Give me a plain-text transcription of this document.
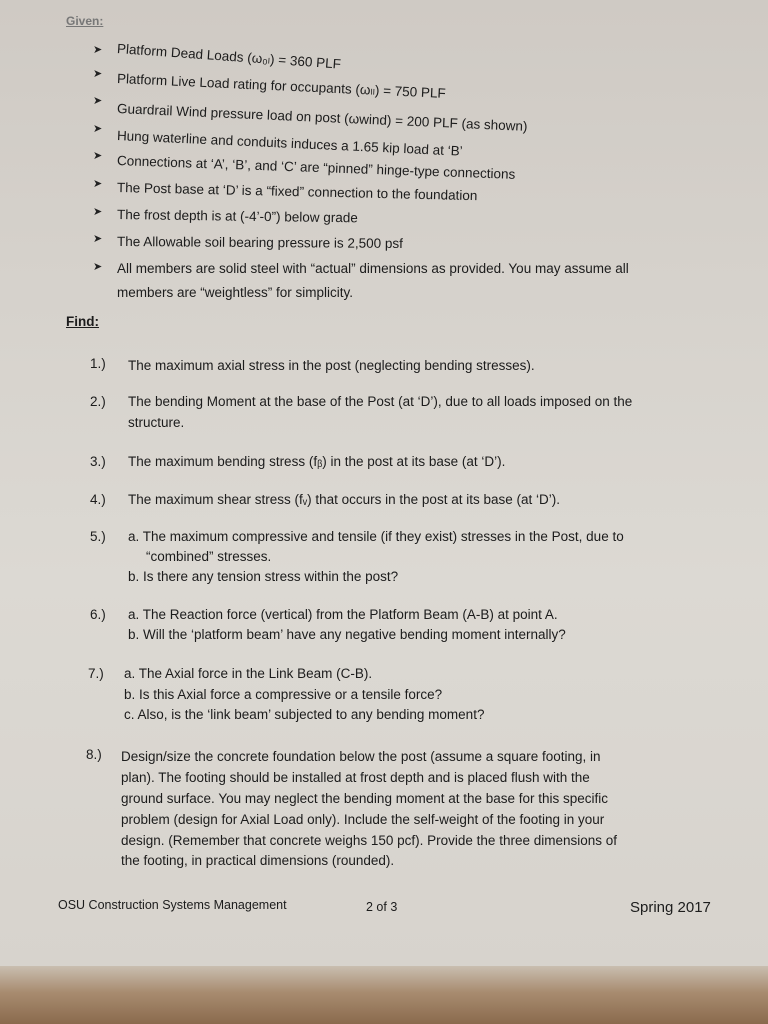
Given:
➤ Platform Dead Loads (ω₀ₗ) = 360 PLF
➤ Platform Live Load rating for occupants (ωₗₗ) = 750 PLF
➤
Guardrail Wind pressure load on post (ωwind) = 200 PLF (as shown)
➤ Hung waterline and conduits induces a 1.65 kip load at ‘B’
➤ Connections at ‘A’, ‘B’, and ‘C’ are “pinned” hinge-type connections
➤ The Post base at ‘D’ is a “fixed” connection to the foundation
➤ The frost depth is at (-4’-0”) below grade
➤ The Allowable soil bearing pressure is 2,500 psf
➤ All members are solid steel with “actual” dimensions as provided. You may assume all
members are “weightless” for simplicity.
Find:
1.) The maximum axial stress in the post (neglecting bending stresses).
2.) The bending Moment at the base of the Post (at ‘D’), due to all loads imposed on the
structure.
3.) The maximum bending stress (fᵦ) in the post at its base (at ‘D’).
4.) The maximum shear stress (fᵥ) that occurs in the post at its base (at ‘D’).
5.) a. The maximum compressive and tensile (if they exist) stresses in the Post, due to
“combined” stresses.
b. Is there any tension stress within the post?
6.) a. The Reaction force (vertical) from the Platform Beam (A-B) at point A.
b. Will the ‘platform beam’ have any negative bending moment internally?
7.) a. The Axial force in the Link Beam (C-B).
b. Is this Axial force a compressive or a tensile force?
c. Also, is the ‘link beam’ subjected to any bending moment?
8.) Design/size the concrete foundation below the post (assume a square footing, in
plan). The footing should be installed at frost depth and is placed flush with the
ground surface. You may neglect the bending moment at the base for this specific
problem (design for Axial Load only). Include the self-weight of the footing in your
design. (Remember that concrete weighs 150 pcf). Provide the three dimensions of
the footing, in practical dimensions (rounded).
OSU Construction Systems Management	2 of 3	Spring 2017
